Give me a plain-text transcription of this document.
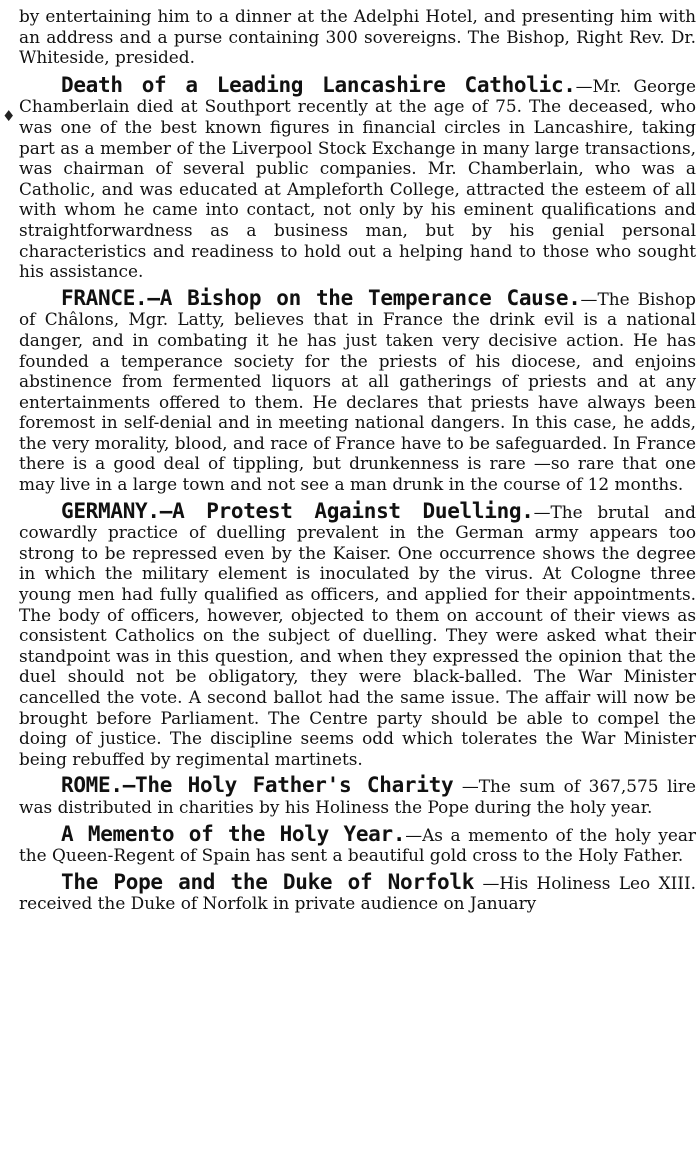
♦

by entertaining him to a dinner at the Adelphi Hotel, and presenting him with an address and a purse containing 300 sovereigns. The Bishop, Right Rev. Dr. Whiteside, presided.

Death of a Leading Lancashire Catholic.—Mr. George Chamberlain died at Southport recently at the age of 75. The deceased, who was one of the best known figures in financial circles in Lancashire, taking part as a member of the Liverpool Stock Exchange in many large transactions, was chairman of several public companies. Mr. Chamberlain, who was a Catholic, and was educated at Ampleforth College, attracted the esteem of all with whom he came into contact, not only by his eminent qualifications and straightforwardness as a business man, but by his genial personal characteristics and readiness to hold out a helping hand to those who sought his assistance.

FRANCE.—A Bishop on the Temperance Cause.—The Bishop of Châlons, Mgr. Latty, believes that in France the drink evil is a national danger, and in combating it he has just taken very decisive action. He has founded a temperance society for the priests of his diocese, and enjoins abstinence from fermented liquors at all gatherings of priests and at any entertainments offered to them. He declares that priests have always been foremost in self-denial and in meeting national dangers. In this case, he adds, the very morality, blood, and race of France have to be safeguarded. In France there is a good deal of tippling, but drunkenness is rare —so rare that one may live in a large town and not see a man drunk in the course of 12 months.

GERMANY.—A Protest Against Duelling.—The brutal and cowardly practice of duelling prevalent in the German army appears too strong to be repressed even by the Kaiser. One occurrence shows the degree in which the military element is inoculated by the virus. At Cologne three young men had fully qualified as officers, and applied for their appointments. The body of officers, however, objected to them on account of their views as consistent Catholics on the subject of duelling. They were asked what their standpoint was in this question, and when they expressed the opinion that the duel should not be obligatory, they were black-balled. The War Minister cancelled the vote. A second ballot had the same issue. The affair will now be brought before Parliament. The Centre party should be able to compel the doing of justice. The discipline seems odd which tolerates the War Minister being rebuffed by regimental martinets.

ROME.—The Holy Father's Charity —The sum of 367,575 lire was distributed in charities by his Holiness the Pope during the holy year.

A Memento of the Holy Year.—As a memento of the holy year the Queen-Regent of Spain has sent a beautiful gold cross to the Holy Father.

The Pope and the Duke of Norfolk —His Holiness Leo XIII. received the Duke of Norfolk in private audience on January
